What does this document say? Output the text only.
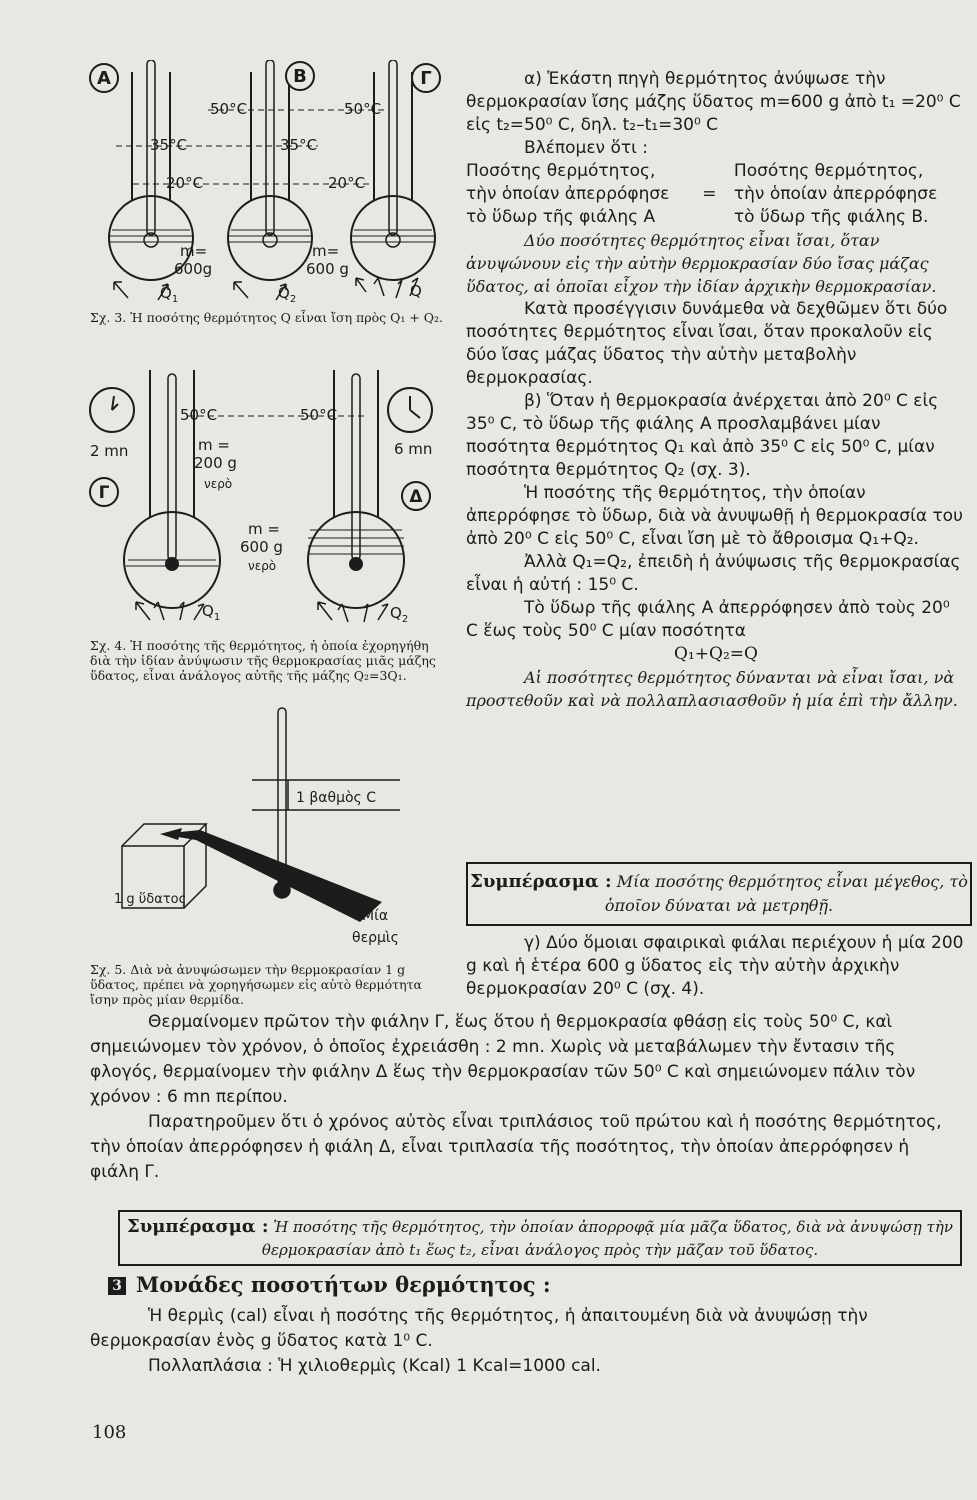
Α	Β	Γ
50°C	50°C
35°C	35°C
20°C	20°C
m=
600g
m=
600 g
$Q_1$	$Q_2$	Q
Σχ. 3. Ἡ ποσότης θερμότητος Q εἶναι ἴση πρὸς Q₁ + Q₂.
50°C	50°C
2 mn	6 mn
m =
200 g
νερὸ
m =
600 g
νερὸ
$Q_1$	$Q_2$
Γ	Δ
Σχ. 4. Ἡ ποσότης τῆς θερμότητος, ἡ ὁποία ἐχορηγήθη διὰ τὴν ἰδίαν ἀνύψωσιν τῆς θερμοκρασίας μιᾶς μάζης ὕδατος, εἶναι ἀνάλογος αὐτῆς τῆς μάζης Q₂=3Q₁.
1 βαθμὸς C
1 g ὕδατος
Μία
θερμὶς
Σχ. 5. Διὰ νὰ ἀνυψώσωμεν τὴν θερμοκρασίαν 1 g ὕδατος, πρέπει νὰ χορηγήσωμεν εἰς αὐτὸ θερμότητα ἴσην πρὸς μίαν θερμίδα.

α) Ἑκάστη πηγὴ θερμότητος ἀνύψωσε τὴν θερμοκρασίαν ἴσης μάζης ὕδατος m=600 g ἀπὸ t₁ =20⁰ C εἰς t₂=50⁰ C, δηλ. t₂–t₁=30⁰ C

Βλέπομεν ὅτι :

Ποσότης θερμότητος,
τὴν ὁποίαν ἀπερρόφησε
τὸ ὕδωρ τῆς φιάλης Α
=
Ποσότης θερμότητος,
τὴν ὁποίαν ἀπερρόφησε
τὸ ὕδωρ τῆς φιάλης Β.

Δύο ποσότητες θερμότητος εἶναι ἴσαι, ὅταν ἀνυψώνουν εἰς τὴν αὐτὴν θερμοκρασίαν δύο ἴσας μάζας ὕδατος, αἱ ὁποῖαι εἶχον τὴν ἰδίαν ἀρχικὴν θερμοκρασίαν.

Κατὰ προσέγγισιν δυνάμεθα νὰ δεχθῶμεν ὅτι δύο ποσότητες θερμότητος εἶναι ἴσαι, ὅταν προκαλοῦν εἰς δύο ἴσας μάζας ὕδατος τὴν αὐτὴν μεταβολὴν θερμοκρασίας.

β) Ὅταν ἡ θερμοκρασία ἀνέρχεται ἀπὸ 20⁰ C εἰς 35⁰ C, τὸ ὕδωρ τῆς φιάλης Α προσλαμβάνει μίαν ποσότητα θερμότητος Q₁ καὶ ἀπὸ 35⁰ C εἰς 50⁰ C, μίαν ποσότητα θερμότητος Q₂ (σχ. 3).

Ἡ ποσότης τῆς θερμότητος, τὴν ὁποίαν ἀπερρόφησε τὸ ὕδωρ, διὰ νὰ ἀνυψωθῇ ἡ θερμοκρασία του ἀπὸ 20⁰ C εἰς 50⁰ C, εἶναι ἴση μὲ τὸ ἄθροισμα Q₁+Q₂.

Ἀλλὰ Q₁=Q₂, ἐπειδὴ ἡ ἀνύψωσις τῆς θερμοκρασίας εἶναι ἡ αὐτή : 15⁰ C.

Τὸ ὕδωρ τῆς φιάλης Α ἀπερρόφησεν ἀπὸ τοὺς 20⁰ C ἕως τοὺς 50⁰ C μίαν ποσότητα

Q₁+Q₂=Q

Αἱ ποσότητες θερμότητος δύνανται νὰ εἶναι ἴσαι, νὰ προστεθοῦν καὶ νὰ πολλαπλασιασθοῦν ἡ μία ἐπὶ τὴν ἄλλην.

Συμπέρασμα : Μία ποσότης θερμότητος εἶναι μέγεθος, τὸ ὁποῖον δύναται νὰ μετρηθῇ.

γ) Δύο ὅμοιαι σφαιρικαὶ φιάλαι περιέχουν ἡ μία 200 g καὶ ἡ ἑτέρα 600 g ὕδατος εἰς τὴν αὐτὴν ἀρχικὴν θερμοκρασίαν 20⁰ C (σχ. 4).

Θερμαίνομεν πρῶτον τὴν φιάλην Γ, ἕως ὅτου ἡ θερμοκρασία φθάσῃ εἰς τοὺς 50⁰ C, καὶ σημειώνομεν τὸν χρόνον, ὁ ὁποῖος ἐχρειάσθη : 2 mn. Χωρὶς νὰ μεταβάλωμεν τὴν ἔντασιν τῆς φλογός, θερμαίνομεν τὴν φιάλην Δ ἕως τὴν θερμοκρασίαν τῶν 50⁰ C καὶ σημειώνομεν πάλιν τὸν χρόνον : 6 mn περίπου.

Παρατηροῦμεν ὅτι ὁ χρόνος αὐτὸς εἶναι τριπλάσιος τοῦ πρώτου καὶ ἡ ποσότης θερμότητος, τὴν ὁποίαν ἀπερρόφησεν ἡ φιάλη Δ, εἶναι τριπλασία τῆς ποσότητος, τὴν ὁποίαν ἀπερρόφησεν ἡ φιάλη Γ.

Συμπέρασμα : Ἡ ποσότης τῆς θερμότητος, τὴν ὁποίαν ἀπορροφᾷ μία μᾶζα ὕδατος, διὰ νὰ ἀνυψώσῃ τὴν θερμοκρασίαν ἀπὸ t₁ ἕως t₂, εἶναι ἀνάλογος πρὸς τὴν μᾶζαν τοῦ ὕδατος.
3 Μονάδες ποσοτήτων θερμότητος :

Ἡ θερμὶς (cal) εἶναι ἡ ποσότης τῆς θερμότητος, ἡ ἀπαιτουμένη διὰ νὰ ἀνυψώσῃ τὴν θερμοκρασίαν ἑνὸς g ὕδατος κατὰ 1⁰ C.

Πολλαπλάσια : Ἡ χιλιοθερμὶς (Kcal) 1 Kcal=1000 cal.

108
